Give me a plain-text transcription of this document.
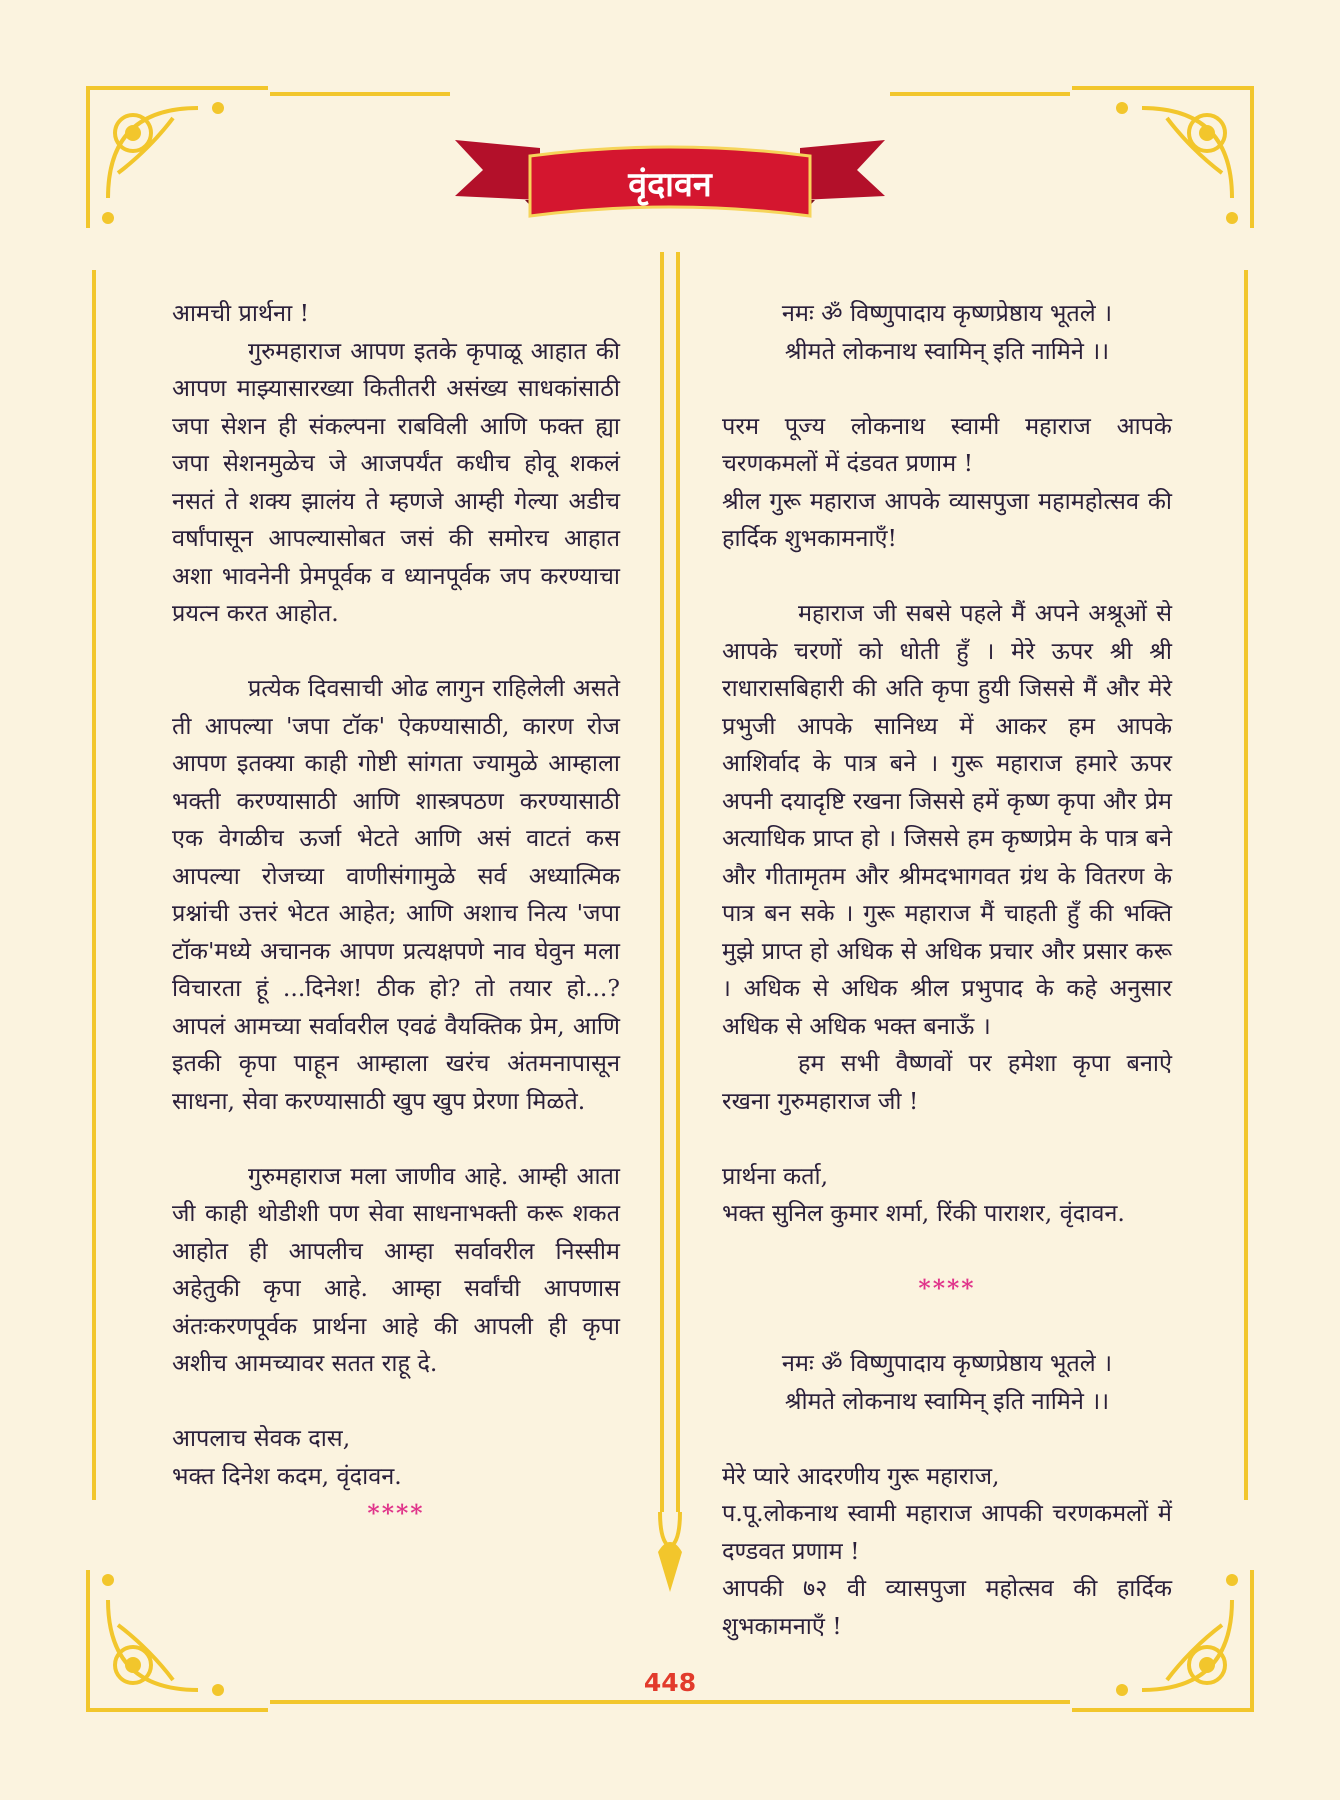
वृंदावन
आमची प्रार्थना !
गुरुमहाराज आपण इतके कृपाळू आहात की आपण माझ्यासारख्या कितीतरी असंख्य साधकांसाठी जपा सेशन ही संकल्पना राबविली आणि फक्त ह्या जपा सेशनमुळेच जे आजपर्यंत कधीच होवू शकलं नसतं ते शक्य झालंय ते म्हणजे आम्ही गेल्या अडीच वर्षांपासून आपल्यासोबत जसं की समोरच आहात अशा भावनेनी प्रेमपूर्वक व ध्यानपूर्वक जप करण्याचा प्रयत्न करत आहोत.
प्रत्येक दिवसाची ओढ लागुन राहिलेली असते ती आपल्या 'जपा टॉक' ऐकण्यासाठी, कारण रोज आपण इतक्या काही गोष्टी सांगता ज्यामुळे आम्हाला भक्ती करण्यासाठी आणि शास्त्रपठण करण्यासाठी एक वेगळीच ऊर्जा भेटते आणि असं वाटतं कस आपल्या रोजच्या वाणीसंगामुळे सर्व अध्यात्मिक प्रश्नांची उत्तरं भेटत आहेत; आणि अशाच नित्य 'जपा टॉक'मध्ये अचानक आपण प्रत्यक्षपणे नाव घेवुन मला विचारता हूं ...दिनेश! ठीक हो? तो तयार हो...? आपलं आमच्या सर्वावरील एवढं वैयक्तिक प्रेम, आणि इतकी कृपा पाहून आम्हाला खरंच अंतमनापासून साधना, सेवा करण्यासाठी खुप खुप प्रेरणा मिळते.
गुरुमहाराज मला जाणीव आहे. आम्ही आता जी काही थोडीशी पण सेवा साधनाभक्ती करू शकत आहोत ही आपलीच आम्हा सर्वावरील निस्सीम अहेतुकी कृपा आहे. आम्हा सर्वांची आपणास अंतःकरणपूर्वक प्रार्थना आहे की आपली ही कृपा अशीच आमच्यावर सतत राहू दे.
आपलाच सेवक दास,
भक्त दिनेश कदम, वृंदावन.
****
नमः ॐ विष्णुपादाय कृष्णप्रेष्ठाय भूतले ।
श्रीमते लोकनाथ स्वामिन् इति नामिने ।।
परम पूज्य लोकनाथ स्वामी महाराज आपके चरणकमलों में दंडवत प्रणाम !
श्रील गुरू महाराज आपके व्यासपुजा महामहोत्सव की हार्दिक शुभकामनाएँ!
महाराज जी सबसे पहले मैं अपने अश्रूओं से आपके चरणों को धोती हुँ । मेरे ऊपर श्री श्री राधारासबिहारी की अति कृपा हुयी जिससे मैं और मेरे प्रभुजी आपके सानिध्य में आकर हम आपके आशिर्वाद के पात्र बने । गुरू महाराज हमारे ऊपर अपनी दयादृष्टि रखना जिससे हमें कृष्ण कृपा और प्रेम अत्याधिक प्राप्त हो । जिससे हम कृष्णप्रेम के पात्र बने और गीतामृतम और श्रीमदभागवत ग्रंथ के वितरण के पात्र बन सके । गुरू महाराज मैं चाहती हुँ की भक्ति मुझे प्राप्त हो अधिक से अधिक प्रचार और प्रसार करू । अधिक से अधिक श्रील प्रभुपाद के कहे अनुसार अधिक से अधिक भक्त बनाऊँ ।
हम सभी वैष्णवों पर हमेशा कृपा बनाऐ रखना गुरुमहाराज जी !
प्रार्थना कर्ता,
भक्त सुनिल कुमार शर्मा, रिंकी पाराशर, वृंदावन.
****
नमः ॐ विष्णुपादाय कृष्णप्रेष्ठाय भूतले ।
श्रीमते लोकनाथ स्वामिन् इति नामिने ।।
मेरे प्यारे आदरणीय गुरू महाराज,
प.पू.लोकनाथ स्वामी महाराज आपकी चरणकमलों में दण्डवत प्रणाम !
आपकी ७२ वी व्यासपुजा महोत्सव की हार्दिक शुभकामनाएँ !
448
